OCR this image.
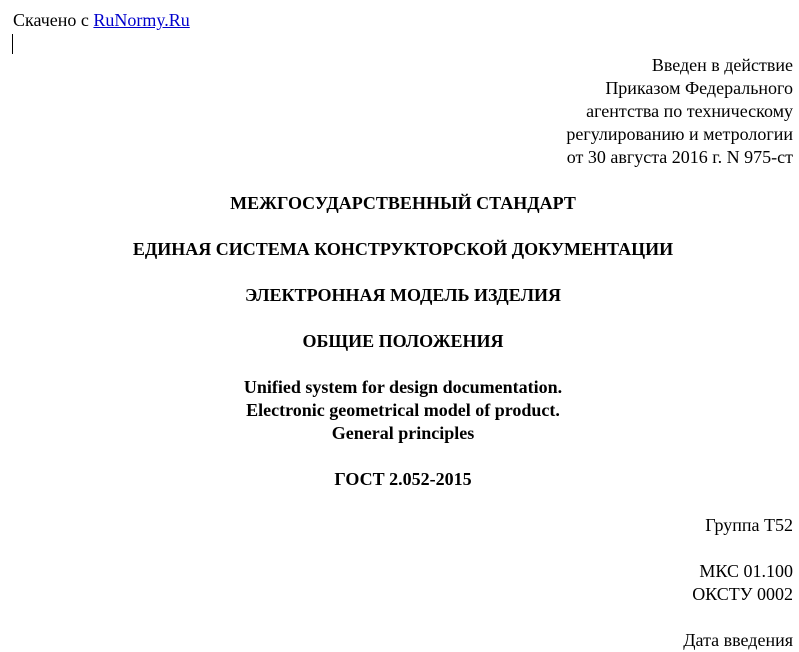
Скачено с RuNormy.Ru
Введен в действие
Приказом Федерального
агентства по техническому
регулированию и метрологии
от 30 августа 2016 г. N 975-ст
МЕЖГОСУДАРСТВЕННЫЙ СТАНДАРТ
ЕДИНАЯ СИСТЕМА КОНСТРУКТОРСКОЙ ДОКУМЕНТАЦИИ
ЭЛЕКТРОННАЯ МОДЕЛЬ ИЗДЕЛИЯ
ОБЩИЕ ПОЛОЖЕНИЯ
Unified system for design documentation.
Electronic geometrical model of product.
General principles
ГОСТ 2.052-2015
Группа Т52
МКС 01.100
ОКСТУ 0002
Дата введения
